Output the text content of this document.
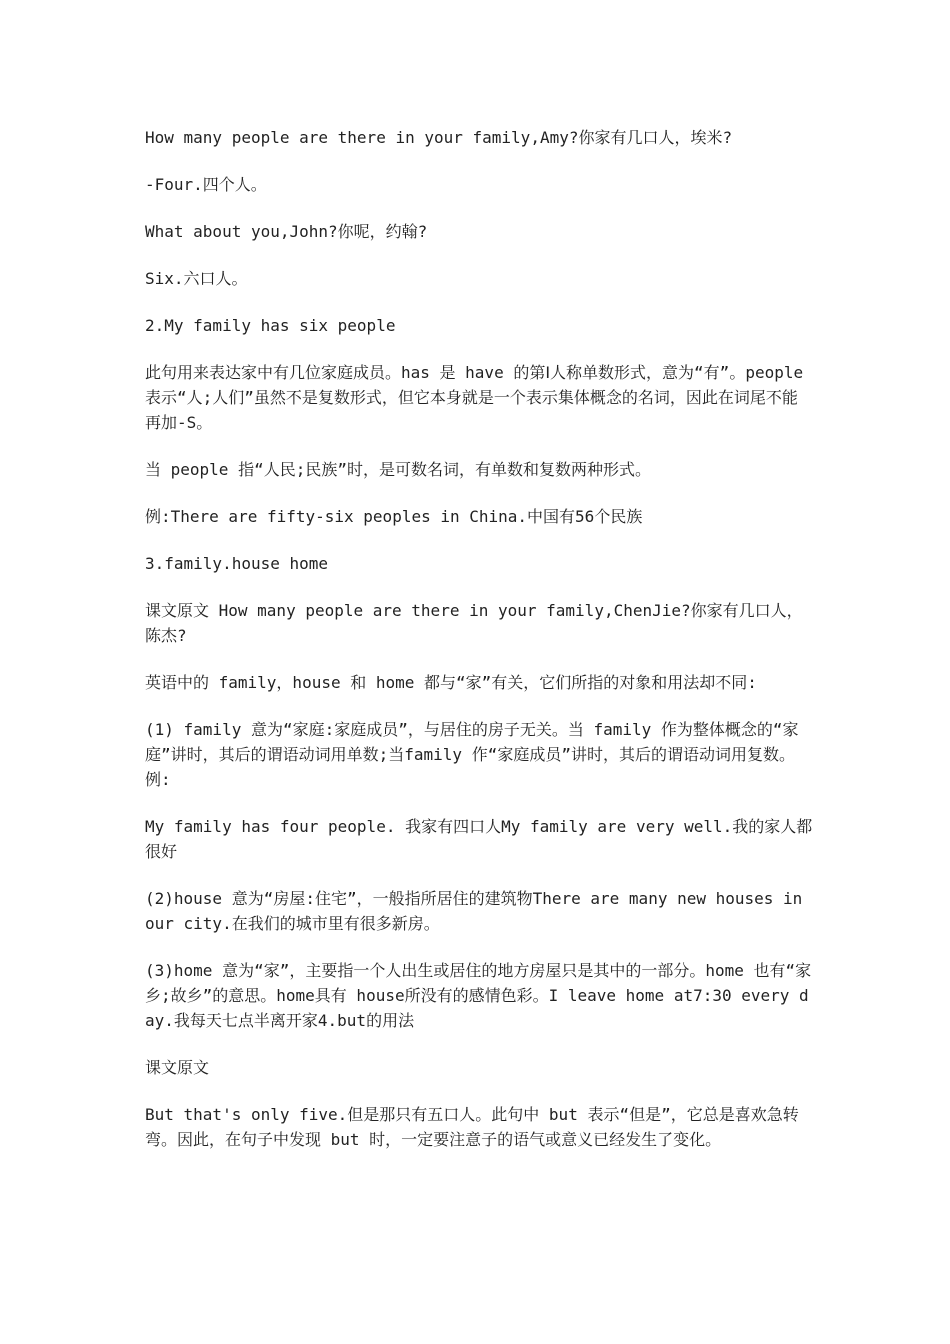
How many people are there in your family,Amy?你家有几口人，埃米?

-Four.四个人。

What about you,John?你呢，约翰?

Six.六口人。

2.My family has six people

此句用来表达家中有几位家庭成员。has 是 have 的第Ⅰ人称单数形式，意为“有”。people 表示“人;人们”虽然不是复数形式，但它本身就是一个表示集体概念的名词，因此在词尾不能再加-S。

当 people 指“人民;民族”时，是可数名词，有单数和复数两种形式。

例:There are fifty-six peoples in China.中国有56个民族

3.family.house home

课文原文 How many people are there in your family,ChenJie?你家有几口人，陈杰?

英语中的 family，house 和 home 都与“家”有关，它们所指的对象和用法却不同:

(1) family 意为“家庭:家庭成员”，与居住的房子无关。当 family 作为整体概念的“家庭”讲时，其后的谓语动词用单数;当family 作“家庭成员”讲时，其后的谓语动词用复数。例:

My family has four people. 我家有四口人My family are very well.我的家人都很好

(2)house 意为“房屋:住宅”，一般指所居住的建筑物There are many new houses in our city.在我们的城市里有很多新房。

(3)home 意为“家”，主要指一个人出生或居住的地方房屋只是其中的一部分。home 也有“家乡;故乡”的意思。home具有 house所没有的感情色彩。I leave home at7:30 every day.我每天七点半离开家4.but的用法

课文原文

But that's only five.但是那只有五口人。此句中 but 表示“但是”，它总是喜欢急转弯。因此，在句子中发现 but 时，一定要注意子的语气或意义已经发生了变化。
